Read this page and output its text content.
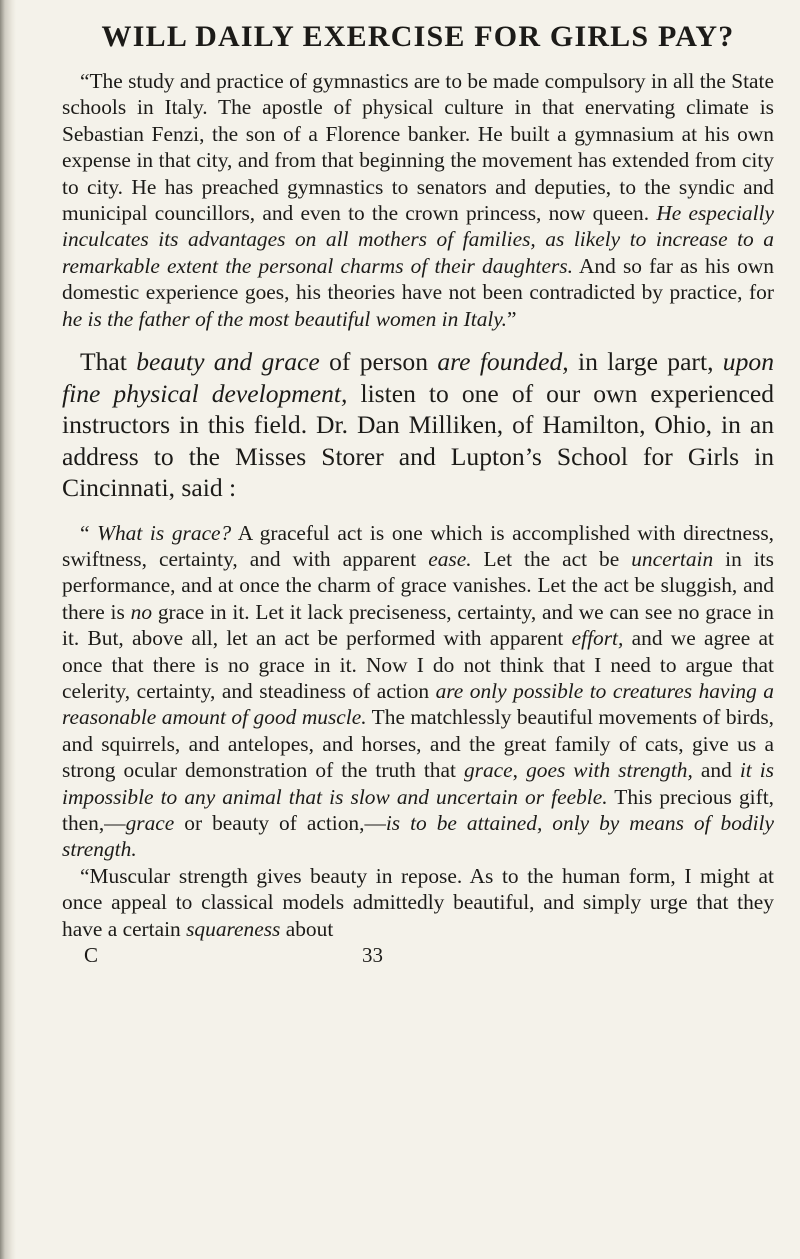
WILL DAILY EXERCISE FOR GIRLS PAY?

“The study and practice of gymnastics are to be made compulsory in all the State schools in Italy. The apostle of physical culture in that enervating climate is Sebastian Fenzi, the son of a Florence banker. He built a gymnasium at his own expense in that city, and from that beginning the movement has extended from city to city. He has preached gymnastics to senators and deputies, to the syndic and municipal councillors, and even to the crown princess, now queen. He especially inculcates its advantages on all mothers of families, as likely to increase to a remarkable extent the personal charms of their daughters. And so far as his own domestic experience goes, his theories have not been contradicted by practice, for he is the father of the most beautiful women in Italy.”

That beauty and grace of person are founded, in large part, upon fine physical development, listen to one of our own experienced instructors in this field. Dr. Dan Milliken, of Hamilton, Ohio, in an address to the Misses Storer and Lupton’s School for Girls in Cincinnati, said :

“ What is grace? A graceful act is one which is accomplished with directness, swiftness, certainty, and with apparent ease. Let the act be uncertain in its performance, and at once the charm of grace vanishes. Let the act be sluggish, and there is no grace in it. Let it lack preciseness, certainty, and we can see no grace in it. But, above all, let an act be performed with apparent effort, and we agree at once that there is no grace in it. Now I do not think that I need to argue that celerity, certainty, and steadiness of action are only possible to creatures having a reasonable amount of good muscle. The matchlessly beautiful movements of birds, and squirrels, and antelopes, and horses, and the great family of cats, give us a strong ocular demonstration of the truth that grace, goes with strength, and it is impossible to any animal that is slow and uncertain or feeble. This precious gift, then,—grace or beauty of action,—is to be attained, only by means of bodily strength.

“Muscular strength gives beauty in repose. As to the human form, I might at once appeal to classical models admittedly beautiful, and simply urge that they have a certain squareness about

C	33
